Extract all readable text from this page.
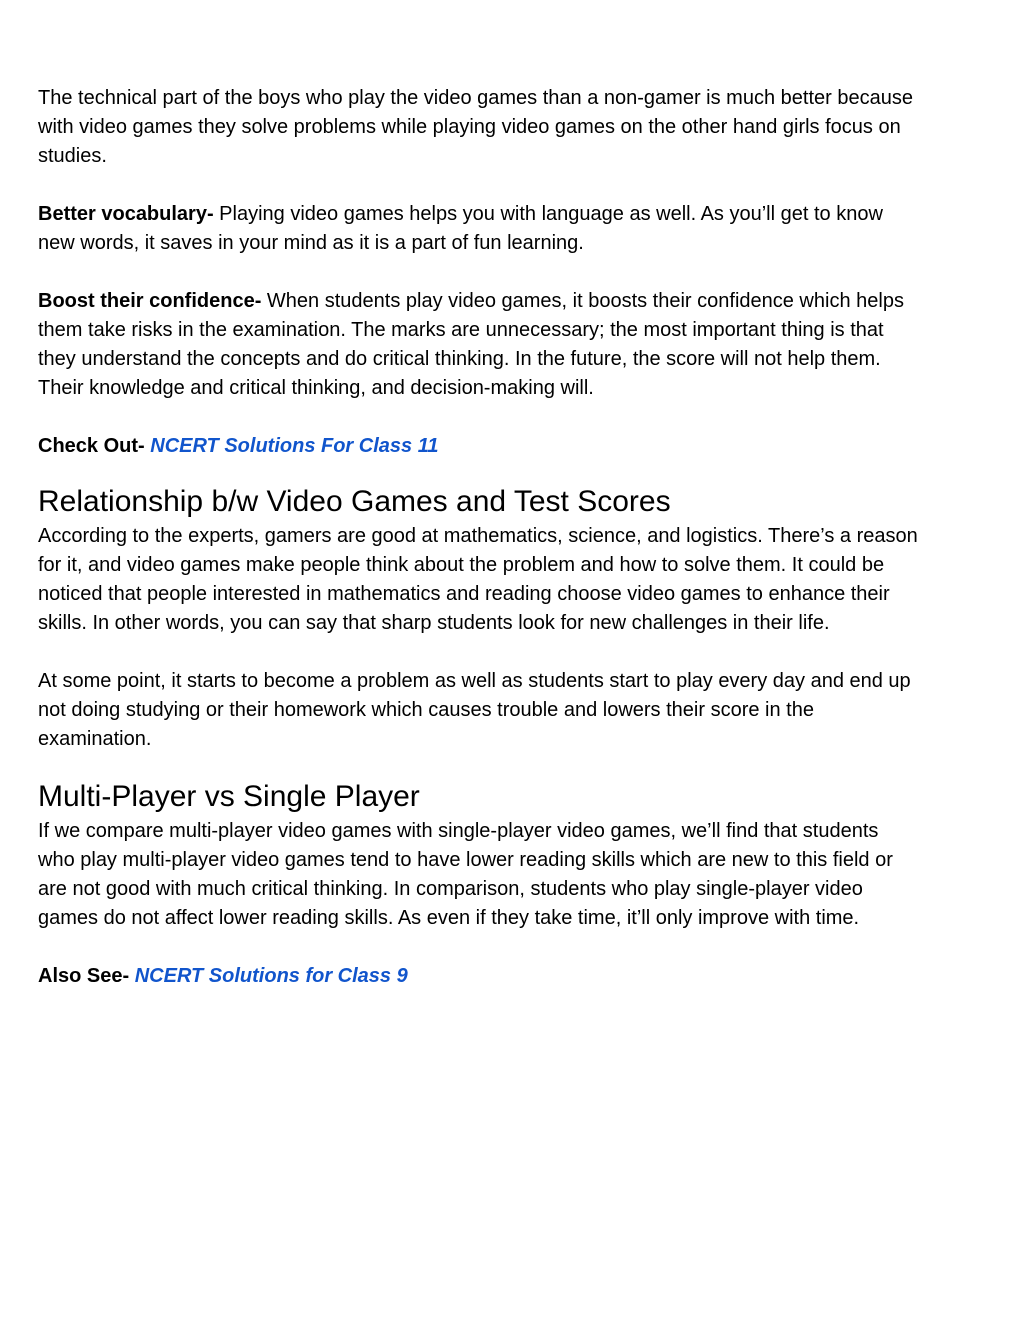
The technical part of the boys who play the video games than a non-gamer is much better because with video games they solve problems while playing video games on the other hand girls focus on studies.

Better vocabulary- Playing video games helps you with language as well. As you’ll get to know new words, it saves in your mind as it is a part of fun learning.

Boost their confidence- When students play video games, it boosts their confidence which helps them take risks in the examination. The marks are unnecessary; the most important thing is that they understand the concepts and do critical thinking. In the future, the score will not help them. Their knowledge and critical thinking, and decision-making will.

Check Out- NCERT Solutions For Class 11

Relationship b/w Video Games and Test Scores

According to the experts, gamers are good at mathematics, science, and logistics. There’s a reason for it, and video games make people think about the problem and how to solve them. It could be noticed that people interested in mathematics and reading choose video games to enhance their skills. In other words, you can say that sharp students look for new challenges in their life.

At some point, it starts to become a problem as well as students start to play every day and end up not doing studying or their homework which causes trouble and lowers their score in the examination.

Multi-Player vs Single Player

If we compare multi-player video games with single-player video games, we’ll find that students who play multi-player video games tend to have lower reading skills which are new to this field or are not good with much critical thinking. In comparison, students who play single-player video games do not affect lower reading skills. As even if they take time, it’ll only improve with time.

Also See- NCERT Solutions for Class 9
